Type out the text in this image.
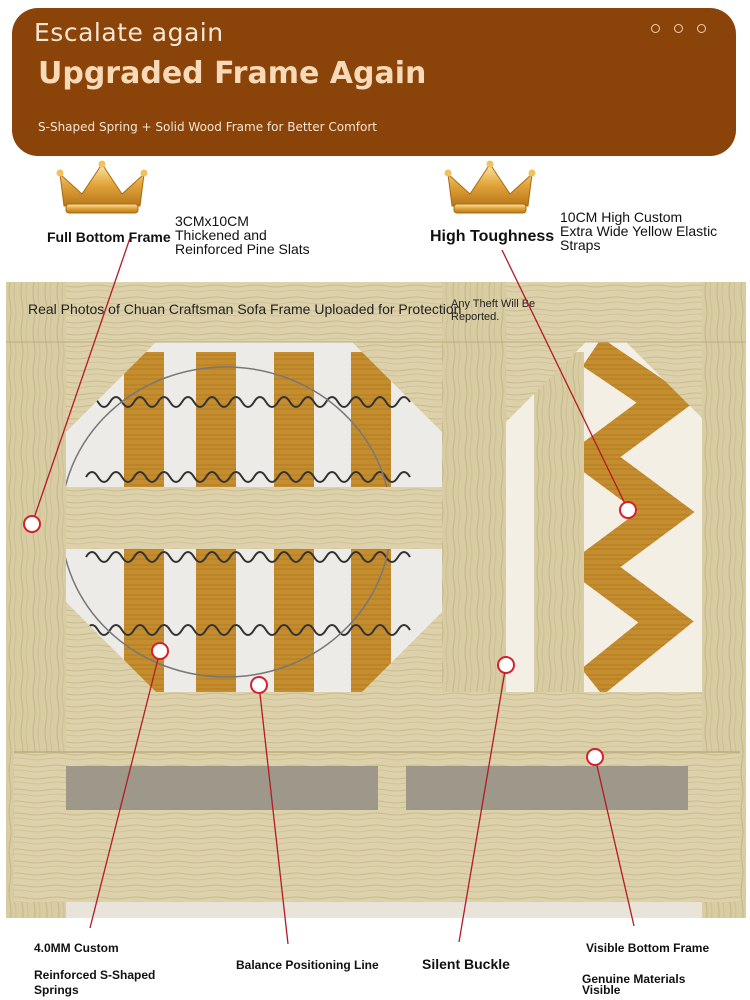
Escalate again
Upgraded Frame Again
S-Shaped Spring + Solid Wood Frame for Better Comfort
Full Bottom Frame
3CMx10CM
Thickened and
Reinforced Pine Slats
High Toughness
10CM High Custom
Extra Wide Yellow Elastic
Straps
Real Photos of Chuan Craftsman Sofa Frame Uploaded for Protection
Any Theft Will Be Reported.
4.0MM Custom
Reinforced S-Shaped
Springs
Balance Positioning Line	Silent Buckle
Visible Bottom Frame
Genuine Materials
Visible
